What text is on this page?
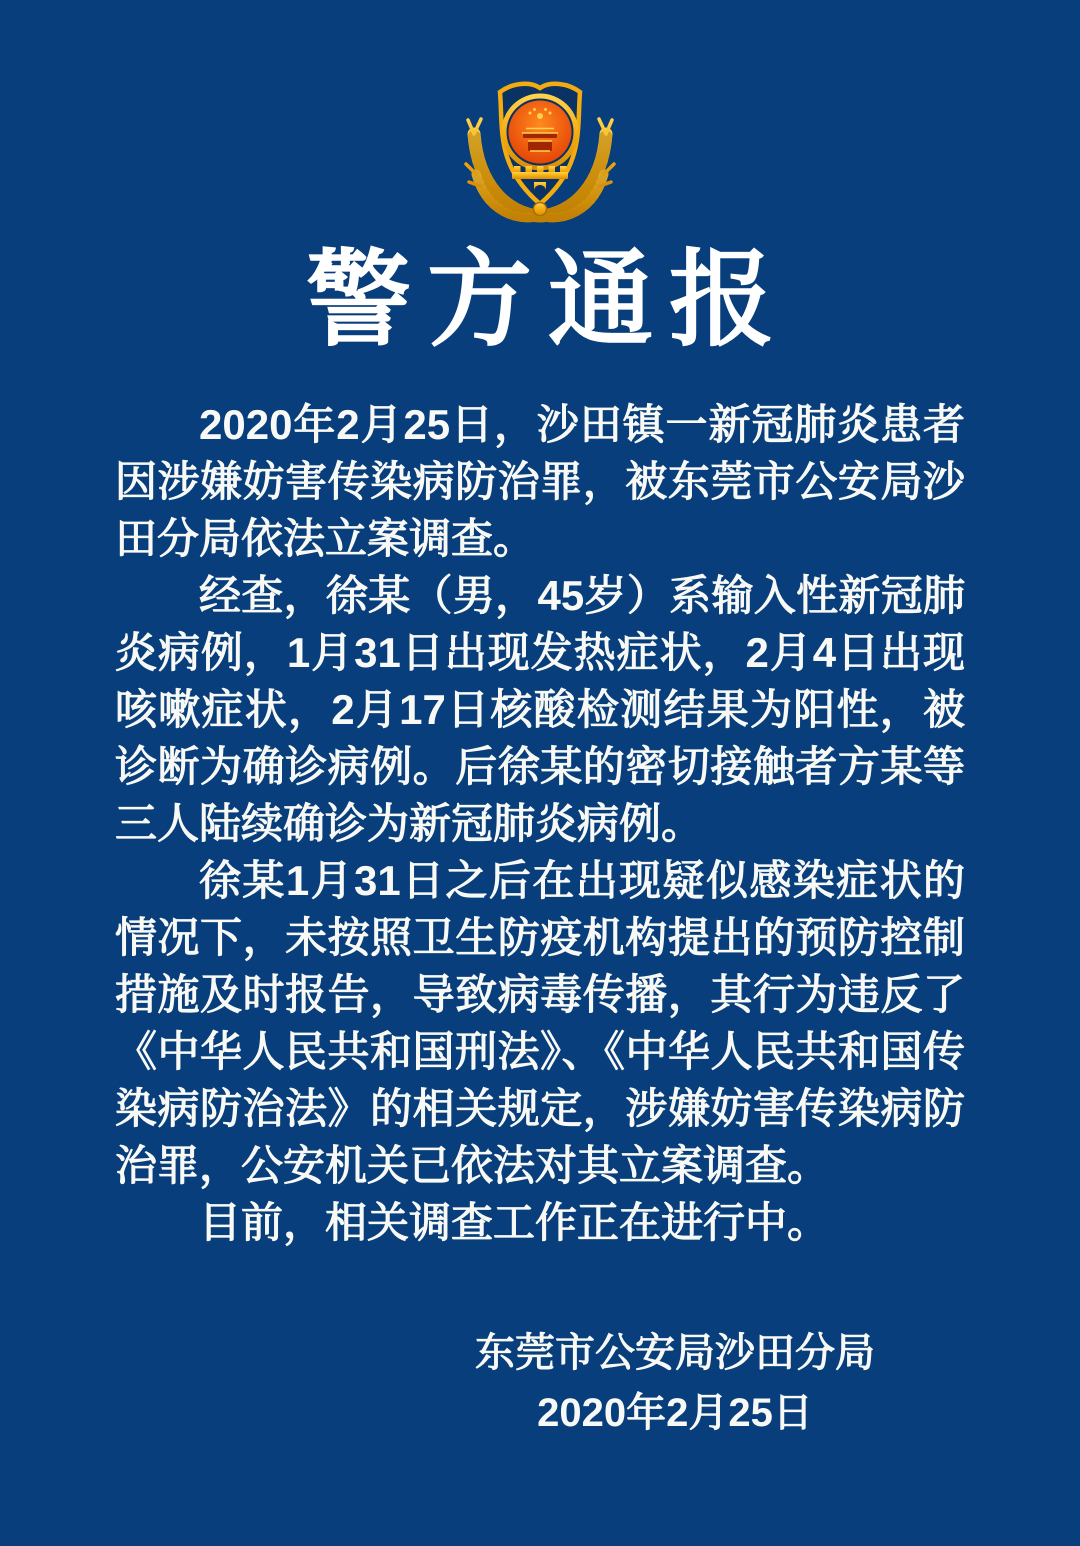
警方通报

2020年2月25日，沙田镇一新冠肺炎患者因涉嫌妨害传染病防治罪，被东莞市公安局沙田分局依法立案调查。

经查，徐某（男，45岁）系输入性新冠肺炎病例，1月31日出现发热症状，2月4日出现咳嗽症状，2月17日核酸检测结果为阳性，被诊断为确诊病例。后徐某的密切接触者方某等三人陆续确诊为新冠肺炎病例。

徐某1月31日之后在出现疑似感染症状的情况下，未按照卫生防疫机构提出的预防控制措施及时报告，导致病毒传播，其行为违反了《中华人民共和国刑法》、《中华人民共和国传染病防治法》的相关规定，涉嫌妨害传染病防治罪，公安机关已依法对其立案调查。

目前，相关调查工作正在进行中。

东莞市公安局沙田分局
2020年2月25日
